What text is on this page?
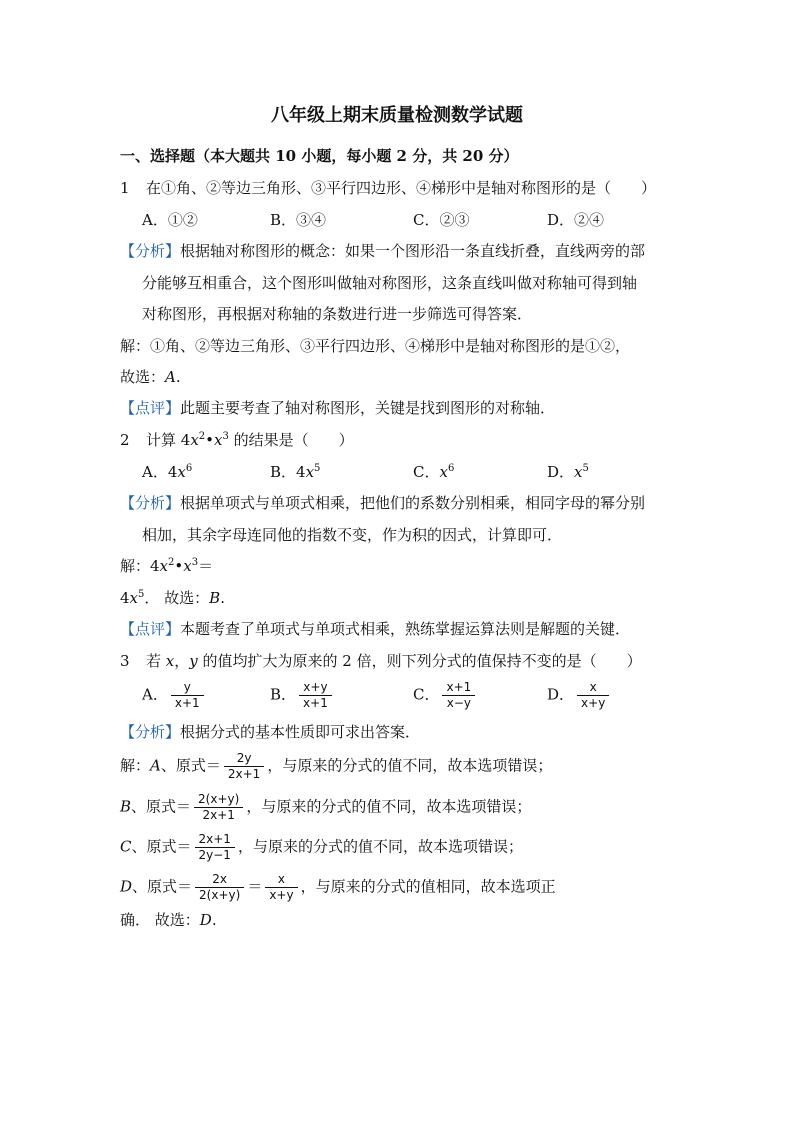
八年级上期末质量检测数学试题
一、选择题（本大题共 10 小题，每小题 2 分，共 20 分）
1 在①角、②等边三角形、③平行四边形、④梯形中是轴对称图形的是（　　）
A．①②	B．③④	C．②③	D．②④
【分析】根据轴对称图形的概念：如果一个图形沿一条直线折叠，直线两旁的部
分能够互相重合，这个图形叫做轴对称图形，这条直线叫做对称轴可得到轴
对称图形，再根据对称轴的条数进行进一步筛选可得答案．
解：①角、②等边三角形、③平行四边形、④梯形中是轴对称图形的是①②，
故选：A.
【点评】此题主要考查了轴对称图形，关键是找到图形的对称轴．
2 计算 $4x^2•x^3$ 的结果是（　　）
A．$4x^6$	B．$4x^5$	C．$x^6$	D．$x^5$
【分析】根据单项式与单项式相乘，把他们的系数分别相乘，相同字母的幂分别
相加，其余字母连同他的指数不变，作为积的因式，计算即可．
解：$4x^2•x^3=$
$4x^5$． 故选：B.
【点评】本题考查了单项式与单项式相乘，熟练掌握运算法则是解题的关键．
3 若 x，y 的值均扩大为原来的 2 倍，则下列分式的值保持不变的是（　　）
A． $\frac{y}{x+1}$	B． $\frac{x+y}{x+1}$	C． $\frac{x+1}{x-y}$	D． $\frac{x}{x+y}$
【分析】根据分式的基本性质即可求出答案．
解：A、原式＝ $\frac{2y}{2x+1}$ ，与原来的分式的值不同，故本选项错误；
B、原式＝ $\frac{2(x+y)}{2x+1}$ ，与原来的分式的值不同，故本选项错误；
C、原式＝ $\frac{2x+1}{2y-1}$ ，与原来的分式的值不同，故本选项错误；
D、原式＝ $\frac{2x}{2(x+y)} = \frac{x}{x+y}$ ，与原来的分式的值相同，故本选项正
确． 故选：D.
